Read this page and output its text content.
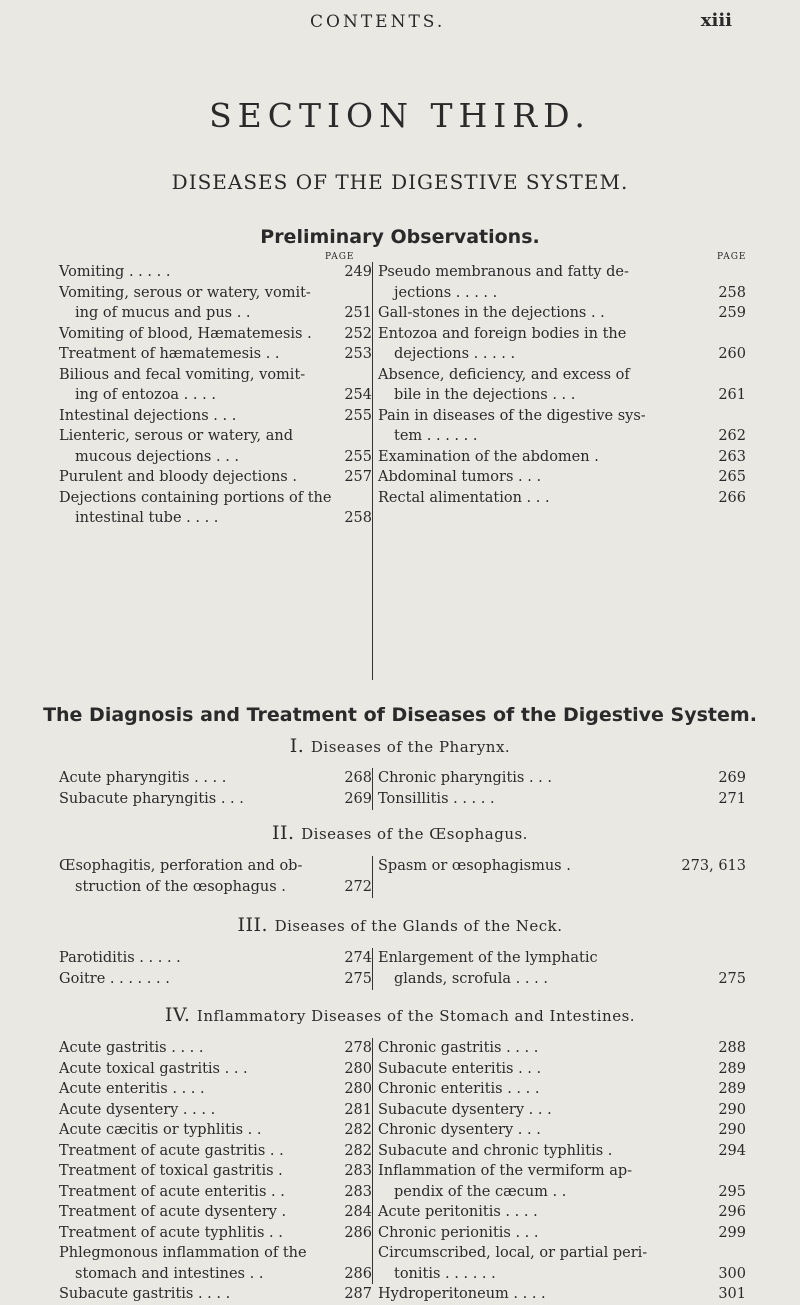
CONTENTS.	xiii
SECTION THIRD.
DISEASES OF THE DIGESTIVE SYSTEM.
Preliminary Observations.
PAGE	PAGE
Vomiting . . . . .	249
Vomiting, serous or watery, vomit-
ing of mucus and pus . .	251
Vomiting of blood, Hæmatemesis .	252
Treatment of hæmatemesis . .	253
Bilious and fecal vomiting, vomit-
ing of entozoa . . . .	254
Intestinal dejections . . .	255
Lienteric, serous or watery, and
mucous dejections . . .	255
Purulent and bloody dejections .	257
Dejections containing portions of the
intestinal tube . . . .	258
Pseudo membranous and fatty de-
jections . . . . .	258
Gall-stones in the dejections . .	259
Entozoa and foreign bodies in the
dejections . . . . .	260
Absence, deficiency, and excess of
bile in the dejections . . .	261
Pain in diseases of the digestive sys-
tem . . . . . .	262
Examination of the abdomen .	263
Abdominal tumors . . .	265
Rectal alimentation . . .	266
The Diagnosis and Treatment of Diseases of the Digestive System.
I. Diseases of the Pharynx.
Acute pharyngitis . . . .	268
Subacute pharyngitis . . .	269
Chronic pharyngitis . . .	269
Tonsillitis . . . . .	271
II. Diseases of the Œsophagus.
Œsophagitis, perforation and ob-
struction of the œsophagus .	272
Spasm or œsophagismus .	273, 613
III. Diseases of the Glands of the Neck.
Parotiditis . . . . .	274
Goitre . . . . . . .	275
Enlargement of the lymphatic
glands, scrofula . . . .	275
IV. Inflammatory Diseases of the Stomach and Intestines.
Acute gastritis . . . .	278
Acute toxical gastritis . . .	280
Acute enteritis . . . .	280
Acute dysentery . . . .	281
Acute cæcitis or typhlitis . .	282
Treatment of acute gastritis . .	282
Treatment of toxical gastritis .	283
Treatment of acute enteritis . .	283
Treatment of acute dysentery .	284
Treatment of acute typhlitis . .	286
Phlegmonous inflammation of the
stomach and intestines . .	286
Subacute gastritis . . . .	287
Chronic gastritis . . . .	288
Subacute enteritis . . .	289
Chronic enteritis . . . .	289
Subacute dysentery . . .	290
Chronic dysentery . . .	290
Subacute and chronic typhlitis .	294
Inflammation of the vermiform ap-
pendix of the cæcum . .	295
Acute peritonitis . . . .	296
Chronic perionitis . . .	299
Circumscribed, local, or partial peri-
tonitis . . . . . .	300
Hydroperitoneum . . . .	301
